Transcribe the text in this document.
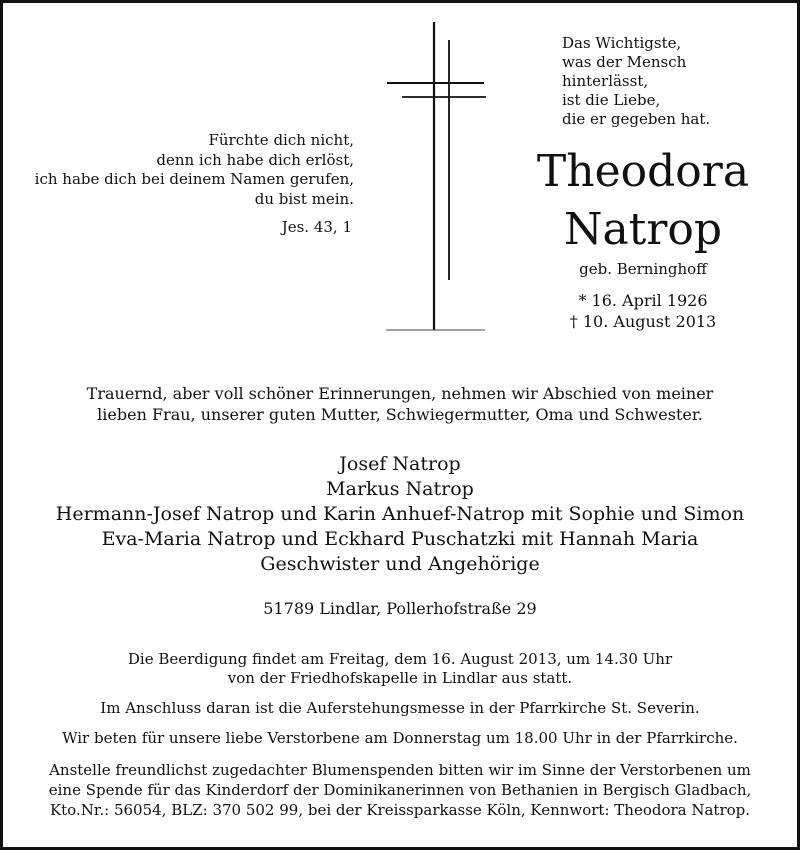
Das Wichtigste,
was der Mensch
hinterlässt,
ist die Liebe,
die er gegeben hat.
Fürchte dich nicht,
denn ich habe dich erlöst,
ich habe dich bei deinem Namen gerufen,
du bist mein.
Jes. 43, 1
Theodora
Natrop
geb. Berninghoff
* 16. April 1926
† 10. August 2013
Trauernd, aber voll schöner Erinnerungen, nehmen wir Abschied von meiner
lieben Frau, unserer guten Mutter, Schwiegermutter, Oma und Schwester.
Josef Natrop
Markus Natrop
Hermann-Josef Natrop und Karin Anhuef-Natrop mit Sophie und Simon
Eva-Maria Natrop und Eckhard Puschatzki mit Hannah Maria
Geschwister und Angehörige
51789 Lindlar, Pollerhofstraße 29
Die Beerdigung findet am Freitag, dem 16. August 2013, um 14.30 Uhr
von der Friedhofskapelle in Lindlar aus statt.
Im Anschluss daran ist die Auferstehungsmesse in der Pfarrkirche St. Severin.
Wir beten für unsere liebe Verstorbene am Donnerstag um 18.00 Uhr in der Pfarrkirche.
Anstelle freundlichst zugedachter Blumenspenden bitten wir im Sinne der Verstorbenen um
eine Spende für das Kinderdorf der Dominikanerinnen von Bethanien in Bergisch Gladbach,
Kto.Nr.: 56054, BLZ: 370 502 99, bei der Kreissparkasse Köln, Kennwort: Theodora Natrop.
